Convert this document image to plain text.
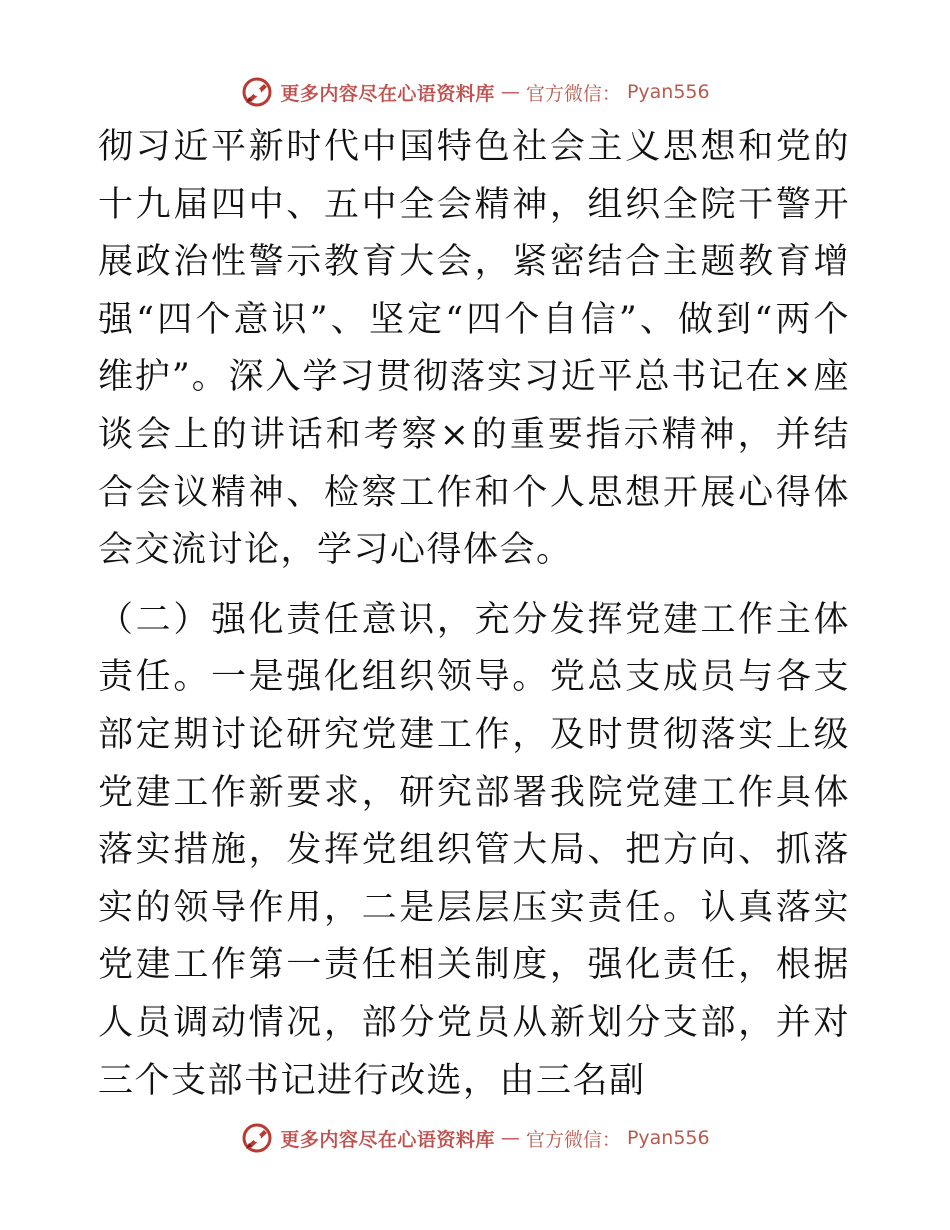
更多内容尽在心语资料库 — 官方微信： Pyan556

彻习近平新时代中国特色社会主义思想和党的十九届四中、五中全会精神，组织全院干警开展政治性警示教育大会，紧密结合主题教育增强“四个意识”、坚定“四个自信”、做到“两个维护”。深入学习贯彻落实习近平总书记在×座谈会上的讲话和考察×的重要指示精神，并结合会议精神、检察工作和个人思想开展心得体会交流讨论，学习心得体会。

（二）强化责任意识，充分发挥党建工作主体责任。一是强化组织领导。党总支成员与各支部定期讨论研究党建工作，及时贯彻落实上级党建工作新要求，研究部署我院党建工作具体落实措施，发挥党组织管大局、把方向、抓落实的领导作用，二是层层压实责任。认真落实党建工作第一责任相关制度，强化责任，根据人员调动情况，部分党员从新划分支部，并对三个支部书记进行改选，由三名副

更多内容尽在心语资料库 — 官方微信： Pyan556
